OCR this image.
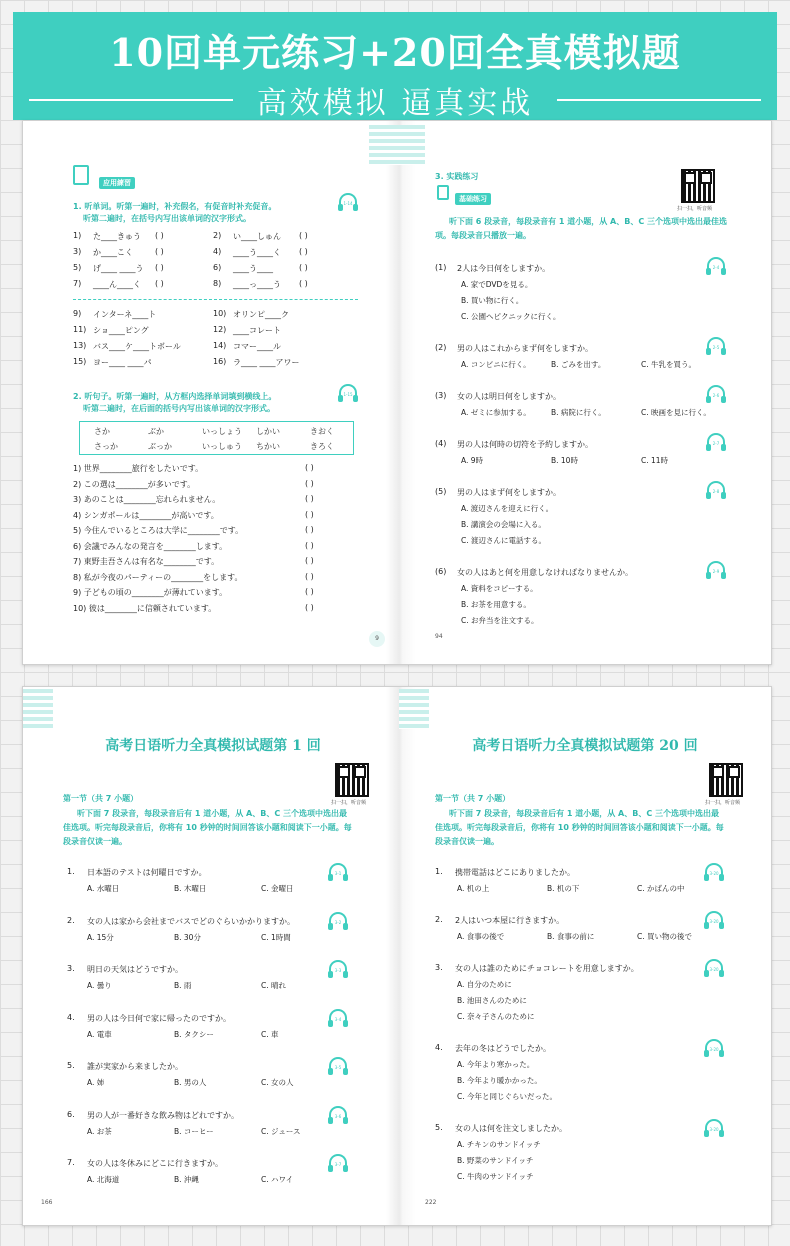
10回单元练习+20回全真模拟题
高效模拟 逼真实战
应用練習
1. 听单词。听第一遍时，补充假名，有促音时补充促音。
听第二遍时，在括号内写出该单词的汉字形式。
1-14
1) た____きゅう ( )	2) い____しゅん ( )
3) か____こく	( )	4) ____う____く ( )
5) げ____ ____う ( )	6) ____う____	( )
7) ____ん____く ( )	8) ____っ____う ( )
9) インターネ____ト	10) オリンピ____ク
11) ショ____ピング	12) ____コレート
13) バス____ケ____トボール	14) コマー____ル
15) ヨー____ ____パ	16) ラ____ ____アワー
2. 听句子。听第一遍时，从方框内选择单词填到横线上。
听第二遍时，在后面的括号内写出该单词的汉字形式。
1-15
さか	ぶか	いっしょう しかい	きおく
さっか	ぶっか	いっしゅう ちかい	きろく
1) 世界________旅行をしたいです。	( )
2) この選は________が多いです。	( )
3) あのことは________忘れられません。	( )
4) シンガポールは________が高いです。	( )
5) 今住んでいるところは大学に________です。	( )
6) 会議でみんなの発言を________します。	( )
7) 東野圭吾さんは有名な________です。	( )
8) 私が今夜のパーティーの________をします。	( )
9) 子どもの頃の________が薄れています。	( )
10) 彼は________に信頼されています。	( )
9
3. 实践练习
基础练习
扫一扫，听音频
听下面 6 段录音，每段录音有 1 道小题，从 A、B、C 三个选项中选出最佳选项。每段录音只播放一遍。
(1) 2人は今日何をしますか。	2-4
A. 家でDVDを見る。
B. 買い物に行く。
C. 公園へピクニックに行く。
(2) 男の人はこれからまず何をしますか。	2-5
A. コンビニに行く。	B. ごみを出す。	C. 牛乳を買う。
(3) 女の人は明日何をしますか。	2-6
A. ゼミに参加する。	B. 病院に行く。	C. 映画を見に行く。
(4) 男の人は何時の切符を予約しますか。	2-7
A. 9時	B. 10時	C. 11時
(5) 男の人はまず何をしますか。	2-8
A. 渡辺さんを迎えに行く。
B. 講演会の会場に入る。
C. 渡辺さんに電話する。
(6) 女の人はあと何を用意しなければなりませんか。	2-9
A. 資料をコピーする。
B. お茶を用意する。
C. お弁当を注文する。
94
高考日语听力全真模拟试题第 1 回
扫一扫，听音频
第一节（共 7 小题）
听下面 7 段录音，每段录音后有 1 道小题，从 A、B、C 三个选项中选出最佳选项。听完每段录音后，你将有 10 秒钟的时间回答该小题和阅读下一小题。每段录音仅读一遍。
1. 日本語のテストは何曜日ですか。	3-1
A. 水曜日	B. 木曜日	C. 金曜日
2. 女の人は家から会社までバスでどのぐらいかかりますか。	3-2
A. 15分	B. 30分	C. 1時間
3. 明日の天気はどうですか。	3-3
A. 曇り	B. 雨	C. 晴れ
4. 男の人は今日何で家に帰ったのですか。	3-4
A. 電車	B. タクシー	C. 車
5. 誰が実家から来ましたか。	3-5
A. 姉	B. 男の人	C. 女の人
6. 男の人が一番好きな飲み物はどれですか。	3-6
A. お茶	B. コーヒー	C. ジュース
7. 女の人は冬休みにどこに行きますか。	3-7
A. 北海道	B. 沖縄	C. ハワイ
166
高考日语听力全真模拟试题第 20 回
扫一扫，听音频
第一节（共 7 小题）
听下面 7 段录音，每段录音后有 1 道小题，从 A、B、C 三个选项中选出最佳选项。听完每段录音后，你将有 10 秒钟的时间回答该小题和阅读下一小题。每段录音仅读一遍。
1. 携帯電話はどこにありましたか。	3-20
A. 机の上	B. 机の下	C. かばんの中
2. 2人はいつ本屋に行きますか。	3-20
A. 食事の後で	B. 食事の前に	C. 買い物の後で
3. 女の人は誰のためにチョコレートを用意しますか。	3-20
A. 自分のために
B. 池田さんのために
C. 奈々子さんのために
4. 去年の冬はどうでしたか。	3-20
A. 今年より寒かった。
B. 今年より暖かかった。
C. 今年と同じぐらいだった。
5. 女の人は何を注文しましたか。	3-20
A. チキンのサンドイッチ
B. 野菜のサンドイッチ
C. 牛肉のサンドイッチ
222
